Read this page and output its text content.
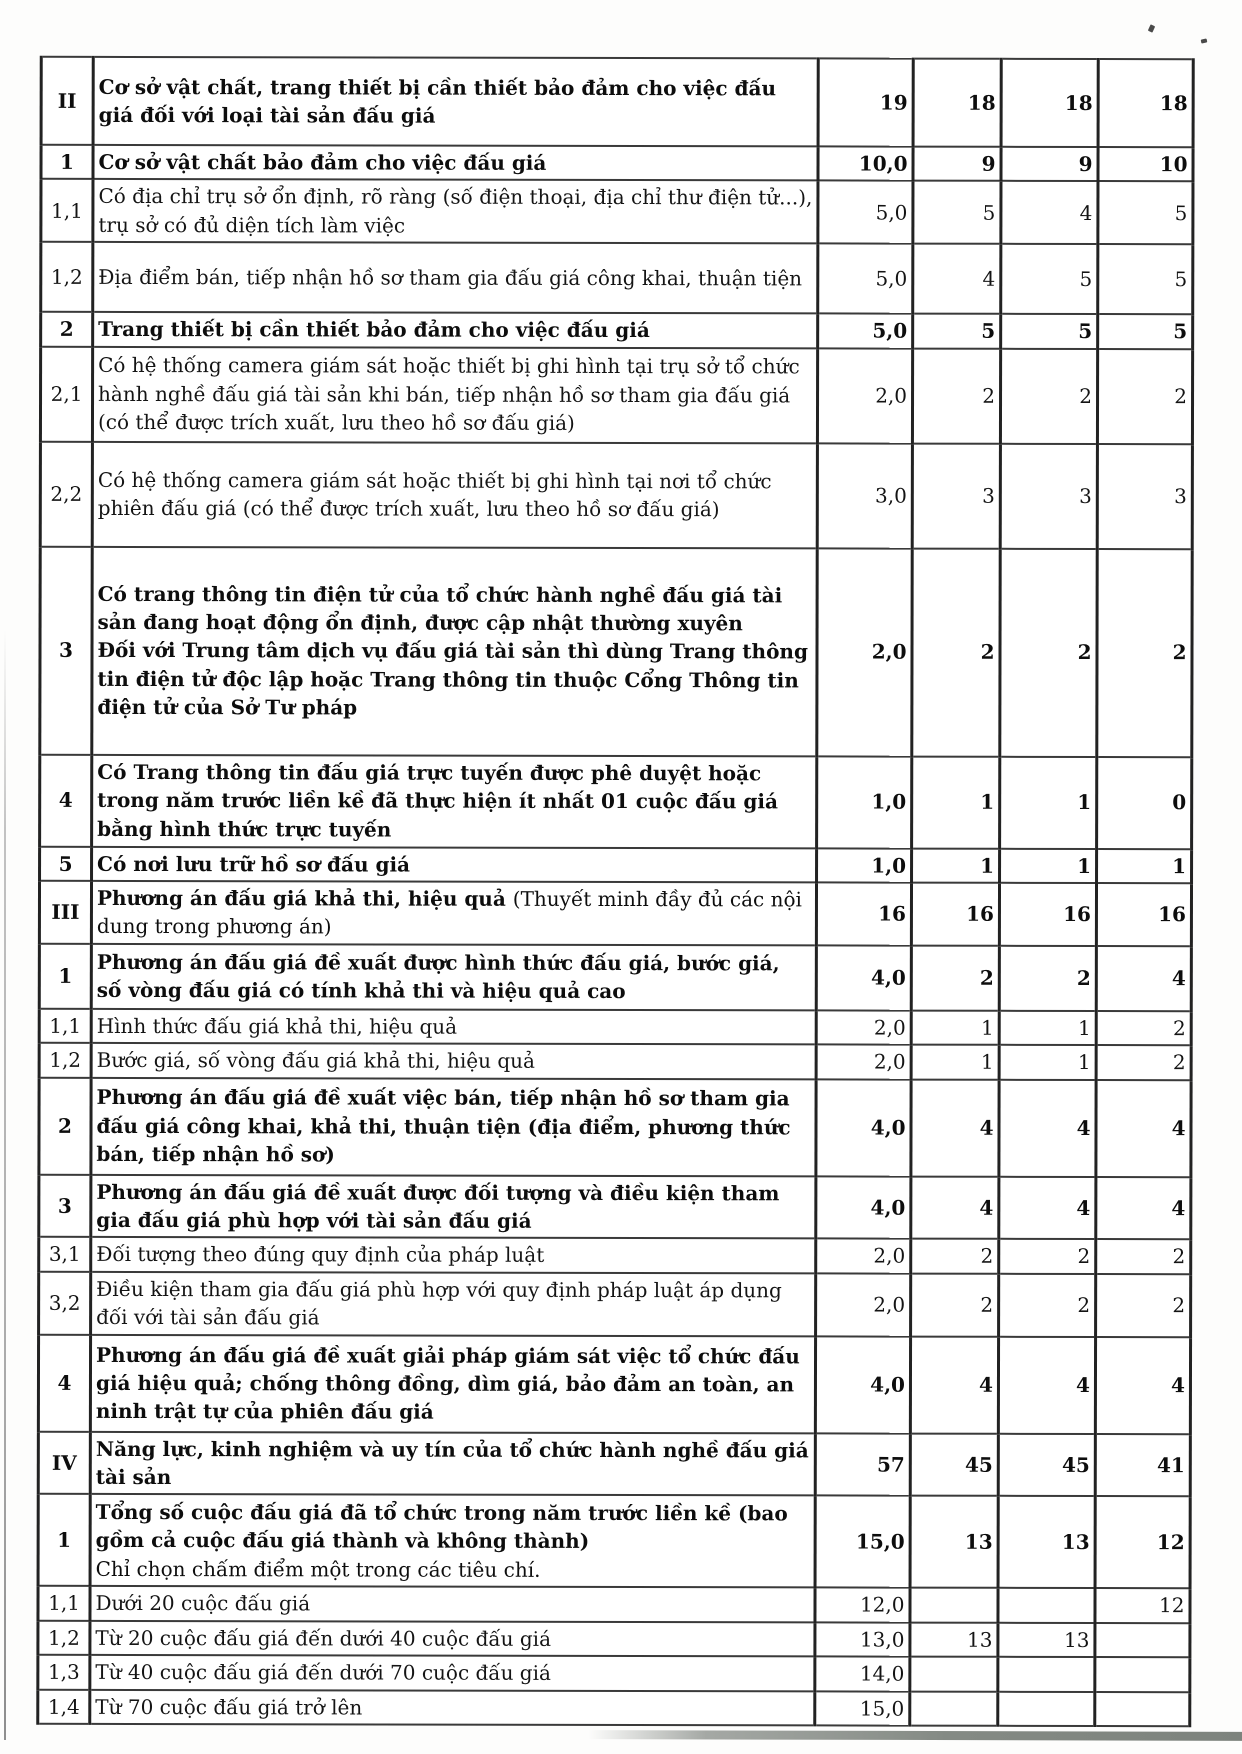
II	Cơ sở vật chất, trang thiết bị cần thiết bảo đảm cho việc đấu giá đối với loại tài sản đấu giá	19	18	18	18
1	Cơ sở vật chất bảo đảm cho việc đấu giá	10,0	9	9	10
1,1	Có địa chỉ trụ sở ổn định, rõ ràng (số điện thoại, địa chỉ thư điện tử...), trụ sở có đủ diện tích làm việc	5,0	5	4	5
1,2	Địa điểm bán, tiếp nhận hồ sơ tham gia đấu giá công khai, thuận tiện	5,0	4	5	5
2	Trang thiết bị cần thiết bảo đảm cho việc đấu giá	5,0	5	5	5
2,1	Có hệ thống camera giám sát hoặc thiết bị ghi hình tại trụ sở tổ chức hành nghề đấu giá tài sản khi bán, tiếp nhận hồ sơ tham gia đấu giá (có thể được trích xuất, lưu theo hồ sơ đấu giá)	2,0	2	2	2
2,2	Có hệ thống camera giám sát hoặc thiết bị ghi hình tại nơi tổ chức phiên đấu giá (có thể được trích xuất, lưu theo hồ sơ đấu giá)	3,0	3	3	3
3	Có trang thông tin điện tử của tổ chức hành nghề đấu giá tài sản đang hoạt động ổn định, được cập nhật thường xuyên
Đối với Trung tâm dịch vụ đấu giá tài sản thì dùng Trang thông tin điện tử độc lập hoặc Trang thông tin thuộc Cổng Thông tin điện tử của Sở Tư pháp	2,0	2	2	2
4	Có Trang thông tin đấu giá trực tuyến được phê duyệt hoặc trong năm trước liền kề đã thực hiện ít nhất 01 cuộc đấu giá bằng hình thức trực tuyến	1,0	1	1	0
5	Có nơi lưu trữ hồ sơ đấu giá	1,0	1	1	1
III	Phương án đấu giá khả thi, hiệu quả (Thuyết minh đầy đủ các nội dung trong phương án)	16	16	16	16
1	Phương án đấu giá đề xuất được hình thức đấu giá, bước giá, số vòng đấu giá có tính khả thi và hiệu quả cao	4,0	2	2	4
1,1	Hình thức đấu giá khả thi, hiệu quả	2,0	1	1	2
1,2	Bước giá, số vòng đấu giá khả thi, hiệu quả	2,0	1	1	2
2	Phương án đấu giá đề xuất việc bán, tiếp nhận hồ sơ tham gia đấu giá công khai, khả thi, thuận tiện (địa điểm, phương thức bán, tiếp nhận hồ sơ)	4,0	4	4	4
3	Phương án đấu giá đề xuất được đối tượng và điều kiện tham gia đấu giá phù hợp với tài sản đấu giá	4,0	4	4	4
3,1	Đối tượng theo đúng quy định của pháp luật	2,0	2	2	2
3,2	Điều kiện tham gia đấu giá phù hợp với quy định pháp luật áp dụng đối với tài sản đấu giá	2,0	2	2	2
4	Phương án đấu giá đề xuất giải pháp giám sát việc tổ chức đấu giá hiệu quả; chống thông đồng, dìm giá, bảo đảm an toàn, an ninh trật tự của phiên đấu giá	4,0	4	4	4
IV	Năng lực, kinh nghiệm và uy tín của tổ chức hành nghề đấu giá tài sản	57	45	45	41
1	Tổng số cuộc đấu giá đã tổ chức trong năm trước liền kề (bao gồm cả cuộc đấu giá thành và không thành)
Chỉ chọn chấm điểm một trong các tiêu chí.	15,0	13	13	12
1,1	Dưới 20 cuộc đấu giá	12,0			12
1,2	Từ 20 cuộc đấu giá đến dưới 40 cuộc đấu giá	13,0	13	13	
1,3	Từ 40 cuộc đấu giá đến dưới 70 cuộc đấu giá	14,0			
1,4	Từ 70 cuộc đấu giá trở lên	15,0			
